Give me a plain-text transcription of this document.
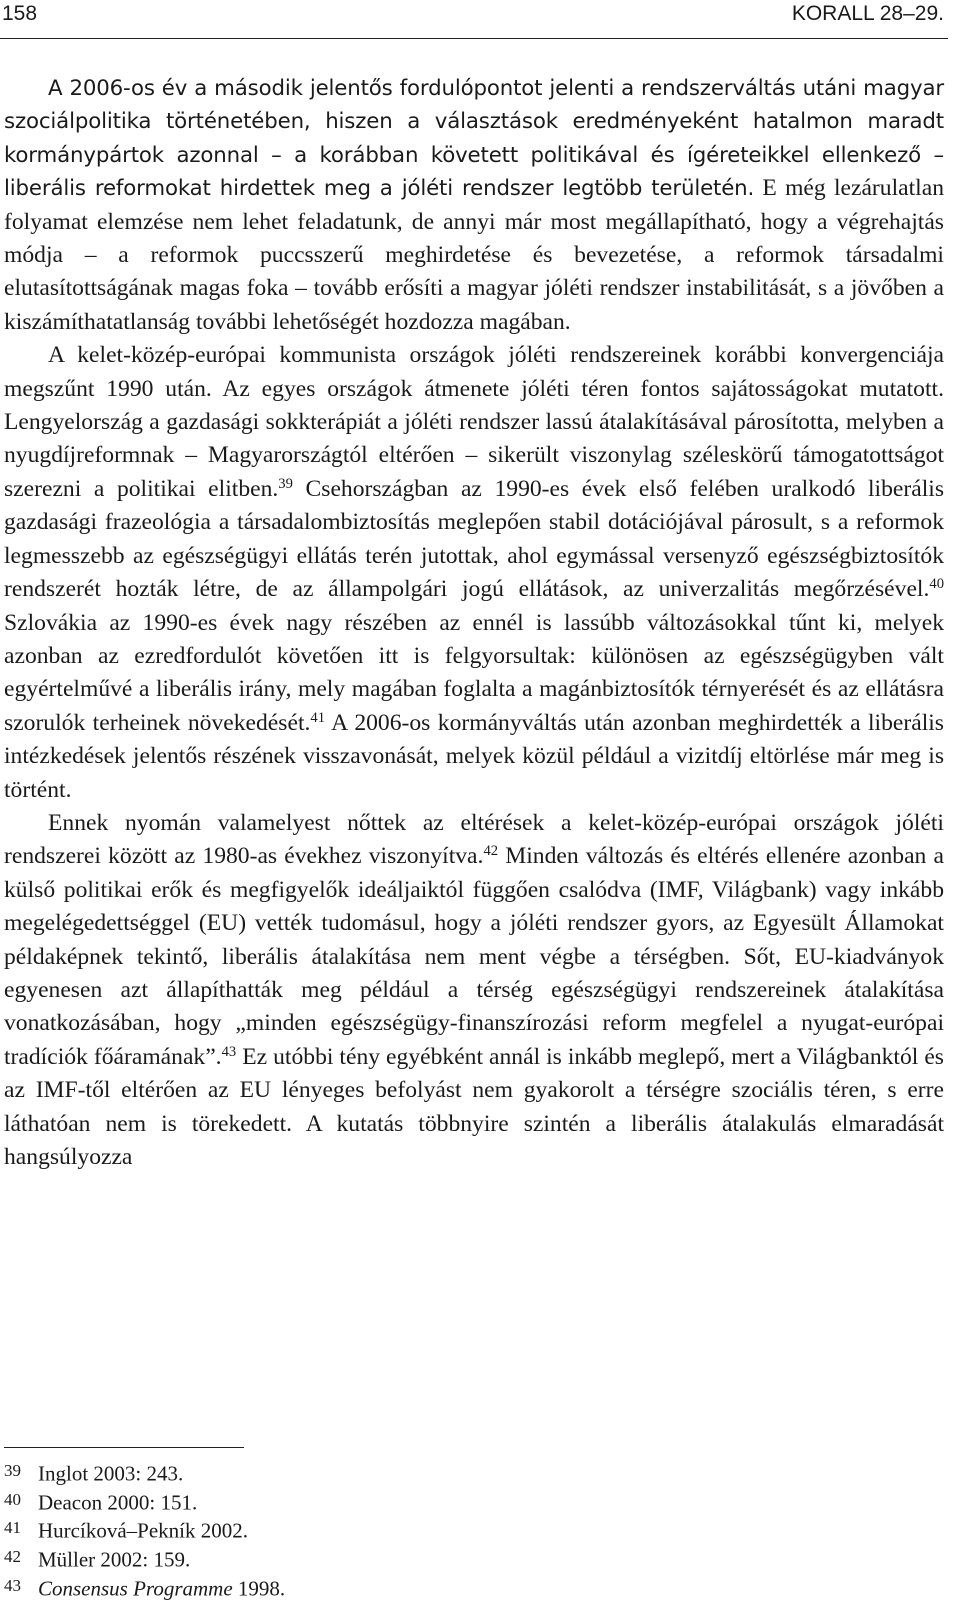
158	KORALL 28–29.

A 2006-os év a második jelentős fordulópontot jelenti a rendszerváltás utáni magyar szociálpolitika történetében, hiszen a választások eredményeként hatalmon maradt kormánypártok azonnal – a korábban követett politikával és ígéreteikkel ellenkező – liberális reformokat hirdettek meg a jóléti rendszer legtöbb területén. E még lezárulatlan folyamat elemzése nem lehet feladatunk, de annyi már most megállapítható, hogy a végrehajtás módja – a reformok puccsszerű meghirdetése és bevezetése, a reformok társadalmi elutasítottságának magas foka – tovább erősíti a magyar jóléti rendszer instabilitását, s a jövőben a kiszámíthatatlanság további lehetőségét hozdozza magában.

A kelet-közép-európai kommunista országok jóléti rendszereinek korábbi konvergenciája megszűnt 1990 után. Az egyes országok átmenete jóléti téren fontos sajátosságokat mutatott. Lengyelország a gazdasági sokkterápiát a jóléti rendszer lassú átalakításával párosította, melyben a nyugdíjreformnak – Magyarországtól eltérően – sikerült viszonylag széleskörű támogatottságot szerezni a politikai elitben.$^{39}$ Csehországban az 1990-es évek első felében uralkodó liberális gazdasági frazeológia a társadalombiztosítás meglepően stabil dotációjával párosult, s a reformok legmesszebb az egészségügyi ellátás terén jutottak, ahol egymással versenyző egészségbiztosítók rendszerét hozták létre, de az állampolgári jogú ellátások, az univerzalitás megőrzésével.$^{40}$ Szlovákia az 1990-es évek nagy részében az ennél is lassúbb változásokkal tűnt ki, melyek azonban az ezredfordulót követően itt is felgyorsultak: különösen az egészségügyben vált egyértelművé a liberális irány, mely magában foglalta a magánbiztosítók térnyerését és az ellátásra szorulók terheinek növekedését.$^{41}$ A 2006-os kormányváltás után azonban meghirdették a liberális intézkedések jelentős részének visszavonását, melyek közül például a vizitdíj eltörlése már meg is történt.

Ennek nyomán valamelyest nőttek az eltérések a kelet-közép-európai országok jóléti rendszerei között az 1980-as évekhez viszonyítva.$^{42}$ Minden változás és eltérés ellenére azonban a külső politikai erők és megfigyelők ideáljaiktól függően csalódva (IMF, Világbank) vagy inkább megelégedettséggel (EU) vették tudomásul, hogy a jóléti rendszer gyors, az Egyesült Államokat példaképnek tekintő, liberális átalakítása nem ment végbe a térségben. Sőt, EU-kiadványok egyenesen azt állapíthatták meg például a térség egészségügyi rendszereinek átalakítása vonatkozásában, hogy „minden egészségügy-finanszírozási reform megfelel a nyugat-európai tradíciók főáramának”.$^{43}$ Ez utóbbi tény egyébként annál is inkább meglepő, mert a Világbanktól és az IMF-től eltérően az EU lényeges befolyást nem gyakorolt a térségre szociális téren, s erre láthatóan nem is törekedett. A kutatás többnyire szintén a liberális átalakulás elmaradását hangsúlyozza

39 Inglot 2003: 243.
40 Deacon 2000: 151.
41 Hurcíková–Pekník 2002.
42 Müller 2002: 159.
43 Consensus Programme 1998.
